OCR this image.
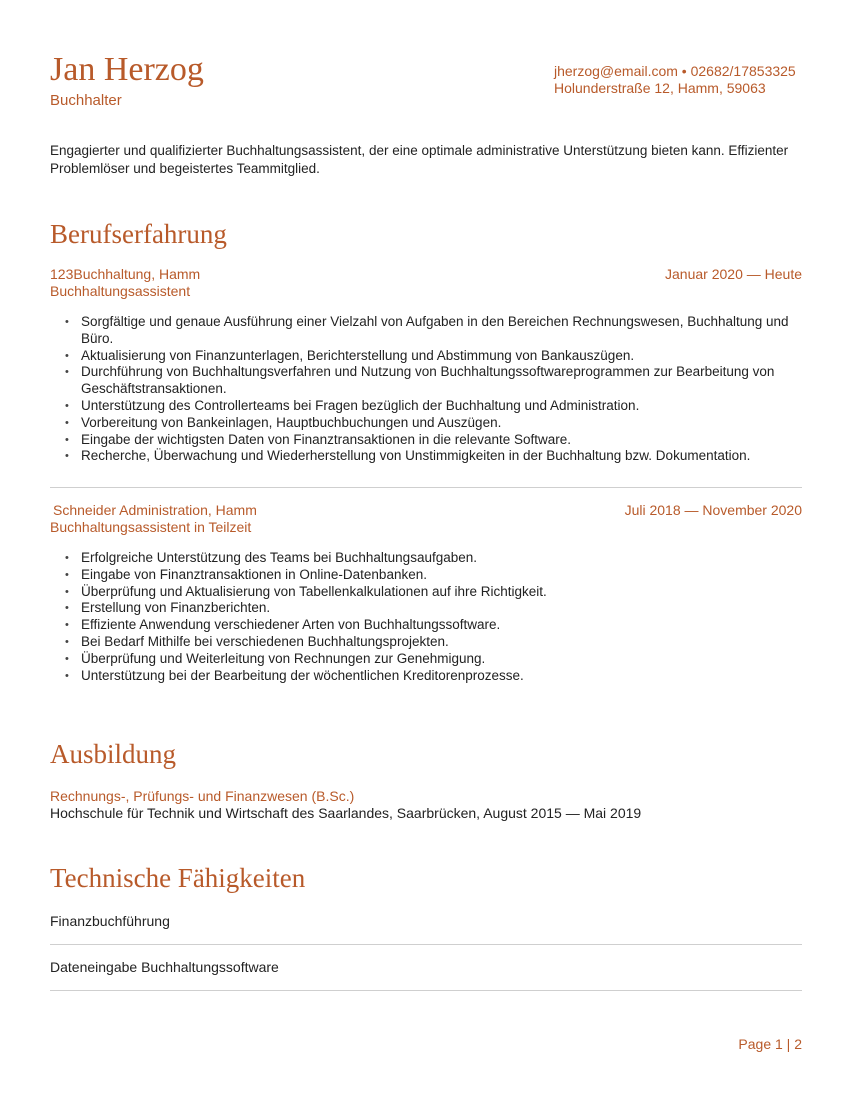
Jan Herzog
Buchhalter
jherzog@email.com • 02682/17853325
Holunderstraße 12, Hamm, 59063

Engagierter und qualifizierter Buchhaltungsassistent, der eine optimale administrative Unterstützung bieten kann. Effizienter Problemlöser und begeistertes Teammitglied.

Berufserfahrung
123Buchhaltung, Hamm
Buchhaltungsassistent
Januar 2020 — Heute
• Sorgfältige und genaue Ausführung einer Vielzahl von Aufgaben in den Bereichen Rechnungswesen, Buchhaltung und Büro.
• Aktualisierung von Finanzunterlagen, Berichterstellung und Abstimmung von Bankauszügen.
• Durchführung von Buchhaltungsverfahren und Nutzung von Buchhaltungssoftwareprogrammen zur Bearbeitung von Geschäftstransaktionen.
• Unterstützung des Controllerteams bei Fragen bezüglich der Buchhaltung und Administration.
• Vorbereitung von Bankeinlagen, Hauptbuchbuchungen und Auszügen.
• Eingabe der wichtigsten Daten von Finanztransaktionen in die relevante Software.
• Recherche, Überwachung und Wiederherstellung von Unstimmigkeiten in der Buchhaltung bzw. Dokumentation.
Schneider Administration, Hamm
Buchhaltungsassistent in Teilzeit
Juli 2018 — November 2020
• Erfolgreiche Unterstützung des Teams bei Buchhaltungsaufgaben.
• Eingabe von Finanztransaktionen in Online-Datenbanken.
• Überprüfung und Aktualisierung von Tabellenkalkulationen auf ihre Richtigkeit.
• Erstellung von Finanzberichten.
• Effiziente Anwendung verschiedener Arten von Buchhaltungssoftware.
• Bei Bedarf Mithilfe bei verschiedenen Buchhaltungsprojekten.
• Überprüfung und Weiterleitung von Rechnungen zur Genehmigung.
• Unterstützung bei der Bearbeitung der wöchentlichen Kreditorenprozesse.
Ausbildung
Rechnungs-, Prüfungs- und Finanzwesen (B.Sc.)
Hochschule für Technik und Wirtschaft des Saarlandes, Saarbrücken, August 2015 — Mai 2019
Technische Fähigkeiten
Finanzbuchführung
Dateneingabe Buchhaltungssoftware
Page 1 | 2
